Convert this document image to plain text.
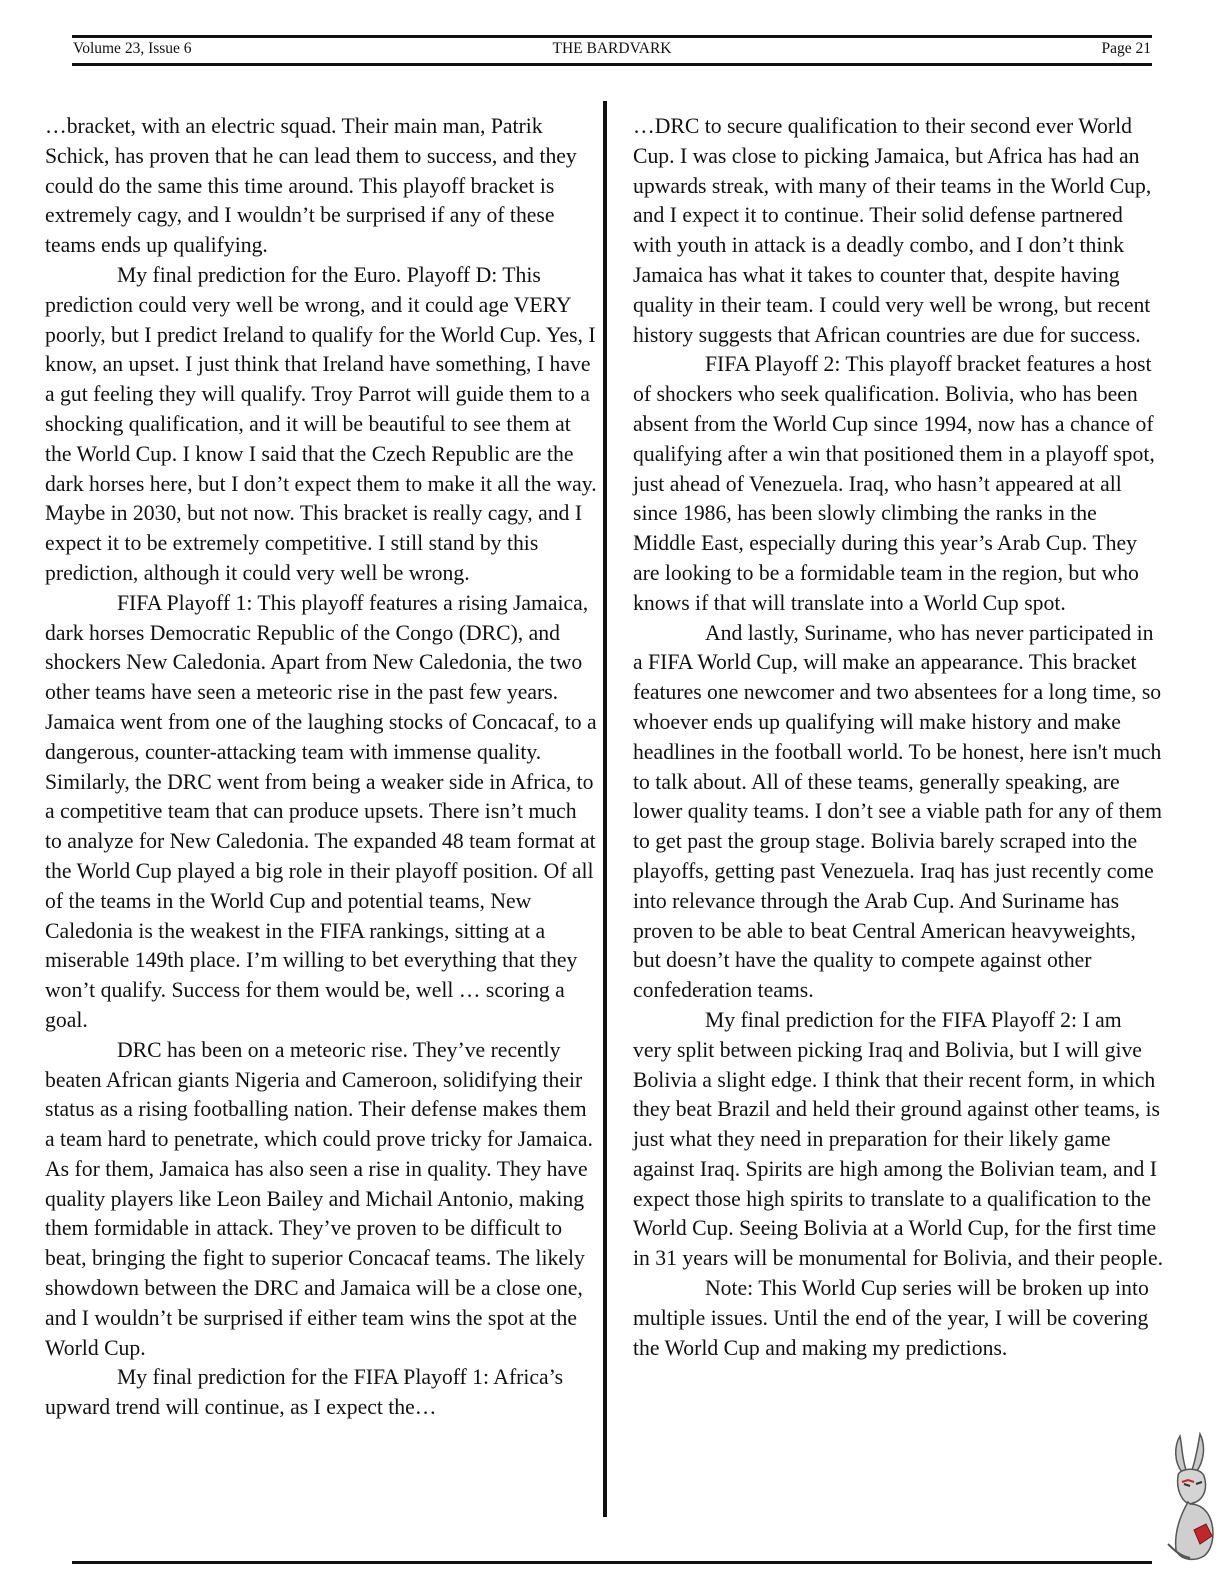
Volume 23, Issue 6	THE BARDVARK	Page 21

…bracket, with an electric squad. Their main man, Patrik Schick, has proven that he can lead them to success, and they could do the same this time around. This playoff bracket is extremely cagy, and I wouldn’t be surprised if any of these teams ends up qualifying.

My final prediction for the Euro. Playoff D: This prediction could very well be wrong, and it could age VERY poorly, but I predict Ireland to qualify for the World Cup. Yes, I know, an upset. I just think that Ireland have something, I have a gut feeling they will qualify. Troy Parrot will guide them to a shocking qualification, and it will be beautiful to see them at the World Cup. I know I said that the Czech Republic are the dark horses here, but I don’t expect them to make it all the way. Maybe in 2030, but not now. This bracket is really cagy, and I expect it to be extremely competitive. I still stand by this prediction, although it could very well be wrong.

FIFA Playoff 1: This playoff features a rising Jamaica, dark horses Democratic Republic of the Congo (DRC), and shockers New Caledonia. Apart from New Caledonia, the two other teams have seen a meteoric rise in the past few years. Jamaica went from one of the laughing stocks of Concacaf, to a dangerous, counter-attacking team with immense quality. Similarly, the DRC went from being a weaker side in Africa, to a competitive team that can produce upsets. There isn’t much to analyze for New Caledonia. The expanded 48 team format at the World Cup played a big role in their playoff position. Of all of the teams in the World Cup and potential teams, New Caledonia is the weakest in the FIFA rankings, sitting at a miserable 149th place. I’m willing to bet everything that they won’t qualify. Success for them would be, well … scoring a goal.

DRC has been on a meteoric rise. They’ve recently beaten African giants Nigeria and Cameroon, solidifying their status as a rising footballing nation. Their defense makes them a team hard to penetrate, which could prove tricky for Jamaica. As for them, Jamaica has also seen a rise in quality. They have quality players like Leon Bailey and Michail Antonio, making them formidable in attack. They’ve proven to be difficult to beat, bringing the fight to superior Concacaf teams. The likely showdown between the DRC and Jamaica will be a close one, and I wouldn’t be surprised if either team wins the spot at the World Cup.

My final prediction for the FIFA Playoff 1: Africa’s upward trend will continue, as I expect the…

…DRC to secure qualification to their second ever World Cup. I was close to picking Jamaica, but Africa has had an upwards streak, with many of their teams in the World Cup, and I expect it to continue. Their solid defense partnered with youth in attack is a deadly combo, and I don’t think Jamaica has what it takes to counter that, despite having quality in their team. I could very well be wrong, but recent history suggests that African countries are due for success.

FIFA Playoff 2: This playoff bracket features a host of shockers who seek qualification. Bolivia, who has been absent from the World Cup since 1994, now has a chance of qualifying after a win that positioned them in a playoff spot, just ahead of Venezuela. Iraq, who hasn’t appeared at all since 1986, has been slowly climbing the ranks in the Middle East, especially during this year’s Arab Cup. They are looking to be a formidable team in the region, but who knows if that will translate into a World Cup spot.

And lastly, Suriname, who has never participated in a FIFA World Cup, will make an appearance. This bracket features one newcomer and two absentees for a long time, so whoever ends up qualifying will make history and make headlines in the football world. To be honest, here isn't much to talk about. All of these teams, generally speaking, are lower quality teams. I don’t see a viable path for any of them to get past the group stage. Bolivia barely scraped into the playoffs, getting past Venezuela. Iraq has just recently come into relevance through the Arab Cup. And Suriname has proven to be able to beat Central American heavyweights, but doesn’t have the quality to compete against other confederation teams.

My final prediction for the FIFA Playoff 2: I am very split between picking Iraq and Bolivia, but I will give Bolivia a slight edge. I think that their recent form, in which they beat Brazil and held their ground against other teams, is just what they need in preparation for their likely game against Iraq. Spirits are high among the Bolivian team, and I expect those high spirits to translate to a qualification to the World Cup. Seeing Bolivia at a World Cup, for the first time in 31 years will be monumental for Bolivia, and their people.

Note: This World Cup series will be broken up into multiple issues. Until the end of the year, I will be covering the World Cup and making my predictions.
